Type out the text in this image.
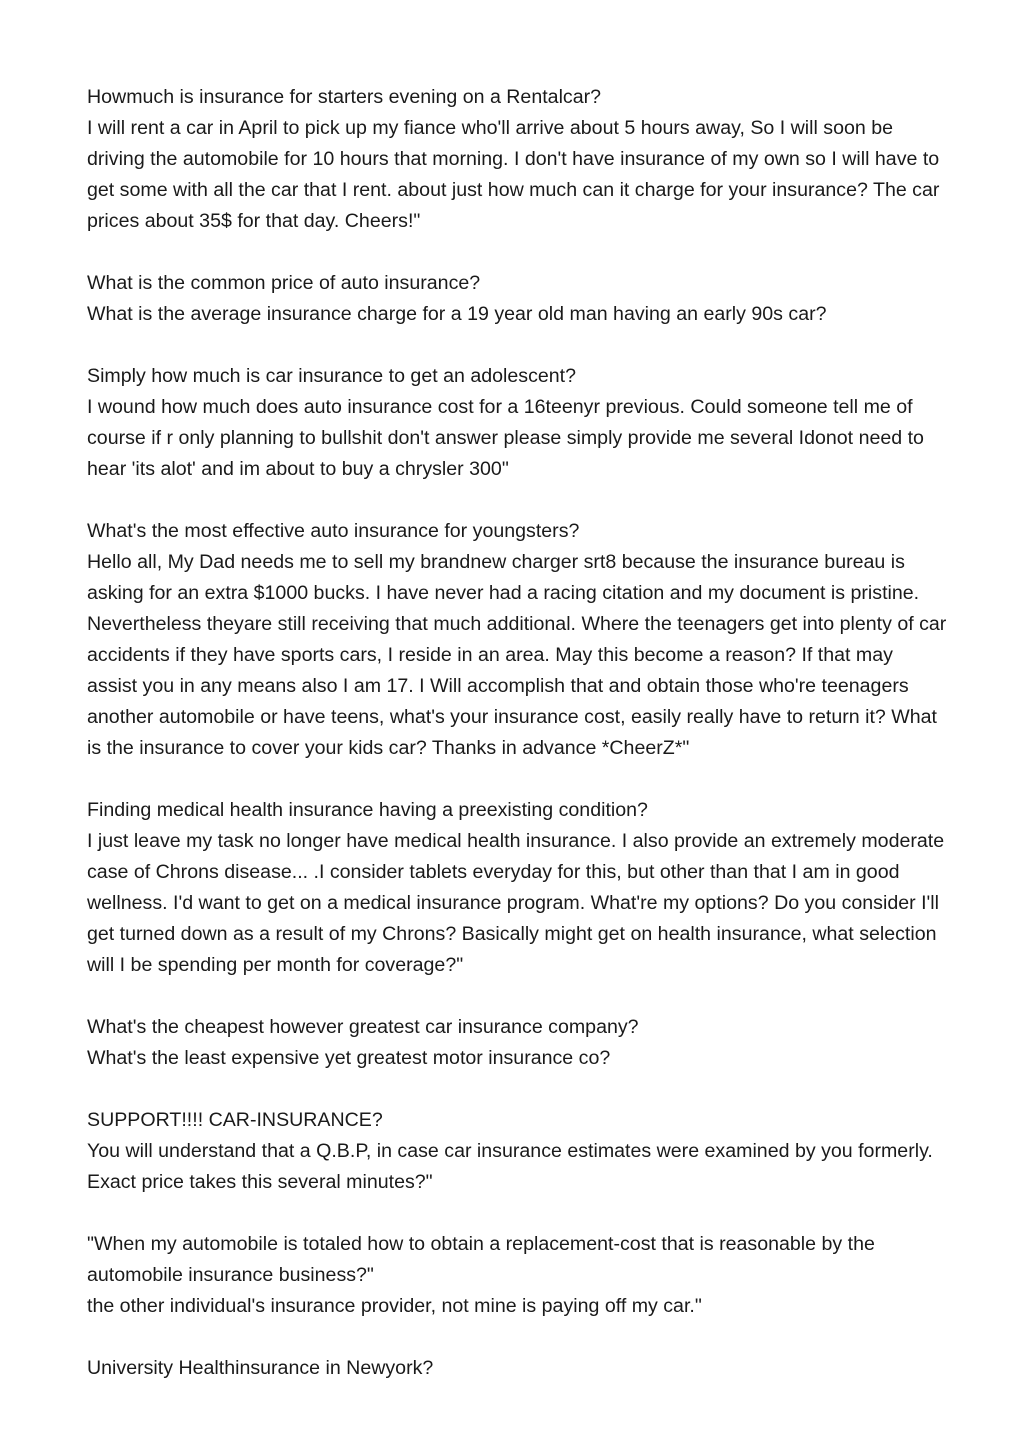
Howmuch is insurance for starters evening on a Rentalcar?

I will rent a car in April to pick up my fiance who'll arrive about 5 hours away, So I will soon be driving the automobile for 10 hours that morning. I don't have insurance of my own so I will have to get some with all the car that I rent. about just how much can it charge for your insurance? The car prices about 35$ for that day. Cheers!"

What is the common price of auto insurance?

What is the average insurance charge for a 19 year old man having an early 90s car?

Simply how much is car insurance to get an adolescent?

I wound how much does auto insurance cost for a 16teenyr previous. Could someone tell me of course if r only planning to bullshit don't answer please simply provide me several Idonot need to hear 'its alot' and im about to buy a chrysler 300"

What's the most effective auto insurance for youngsters?

Hello all, My Dad needs me to sell my brandnew charger srt8 because the insurance bureau is asking for an extra $1000 bucks. I have never had a racing citation and my document is pristine. Nevertheless theyare still receiving that much additional. Where the teenagers get into plenty of car accidents if they have sports cars, I reside in an area. May this become a reason? If that may assist you in any means also I am 17. I Will accomplish that and obtain those who're teenagers another automobile or have teens, what's your insurance cost, easily really have to return it? What is the insurance to cover your kids car? Thanks in advance *CheerZ*"

Finding medical health insurance having a preexisting condition?

I just leave my task no longer have medical health insurance. I also provide an extremely moderate case of Chrons disease... .I consider tablets everyday for this, but other than that I am in good wellness. I'd want to get on a medical insurance program. What're my options? Do you consider I'll get turned down as a result of my Chrons? Basically might get on health insurance, what selection will I be spending per month for coverage?"

What's the cheapest however greatest car insurance company?

What's the least expensive yet greatest motor insurance co?

SUPPORT!!!! CAR-INSURANCE?

You will understand that a Q.B.P, in case car insurance estimates were examined by you formerly. Exact price takes this several minutes?"

"When my automobile is totaled how to obtain a replacement-cost that is reasonable by the automobile insurance business?"

the other individual's insurance provider, not mine is paying off my car."

University Healthinsurance in Newyork?
